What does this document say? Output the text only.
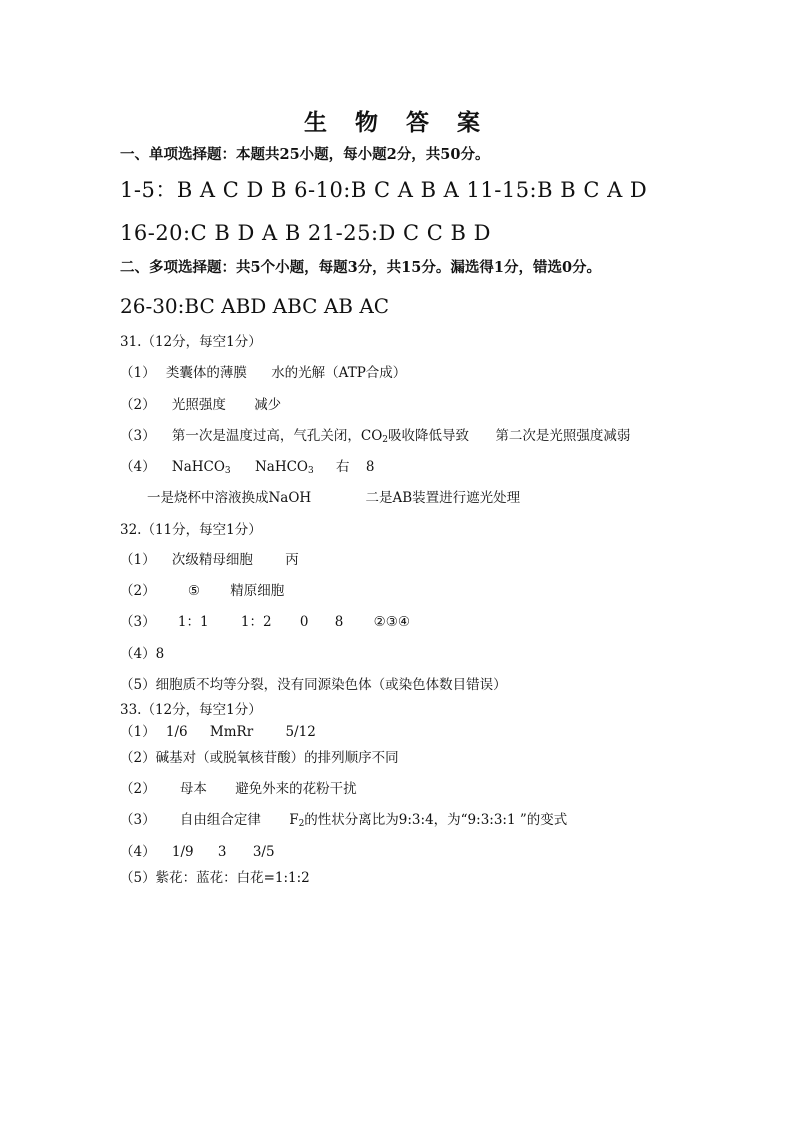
生 物 答 案
一、单项选择题：本题共25小题，每小题2分，共50分。
1-5：B A C D B 6-10:B C A B A 11-15:B B C A D
16-20:C B D A B 21-25:D C C B D
二、多项选择题：共5个小题，每题3分，共15分。漏选得1分，错选0分。
26-30:BC ABD ABC AB AC
31.（12分，每空1分）
（1） 类囊体的薄膜 水的光解（ATP合成）
（2） 光照强度 减少
（3） 第一次是温度过高，气孔关闭，$CO_2$吸收降低导致 第二次是光照强度减弱
（4） NaHCO$_3$ NaHCO$_3$ 右 8
一是烧杯中溶液换成NaOH	二是AB装置进行遮光处理
32.（11分，每空1分）
（1） 次级精母细胞 丙
（2） ⑤ 精原细胞
（3） 1：1 1：2 0 8 ②③④
（4）8
（5）细胞质不均等分裂，没有同源染色体（或染色体数目错误）
33.（12分，每空1分）
（1） 1/6 MmRr 5/12
（2）碱基对（或脱氧核苷酸）的排列顺序不同
（2） 母本 避免外来的花粉干扰
（3） 自由组合定律 $F_2$的性状分离比为9:3:4，为“9:3:3:1 ”的变式
（4） 1/9 3 3/5
（5）紫花：蓝花：白花=1:1:2
